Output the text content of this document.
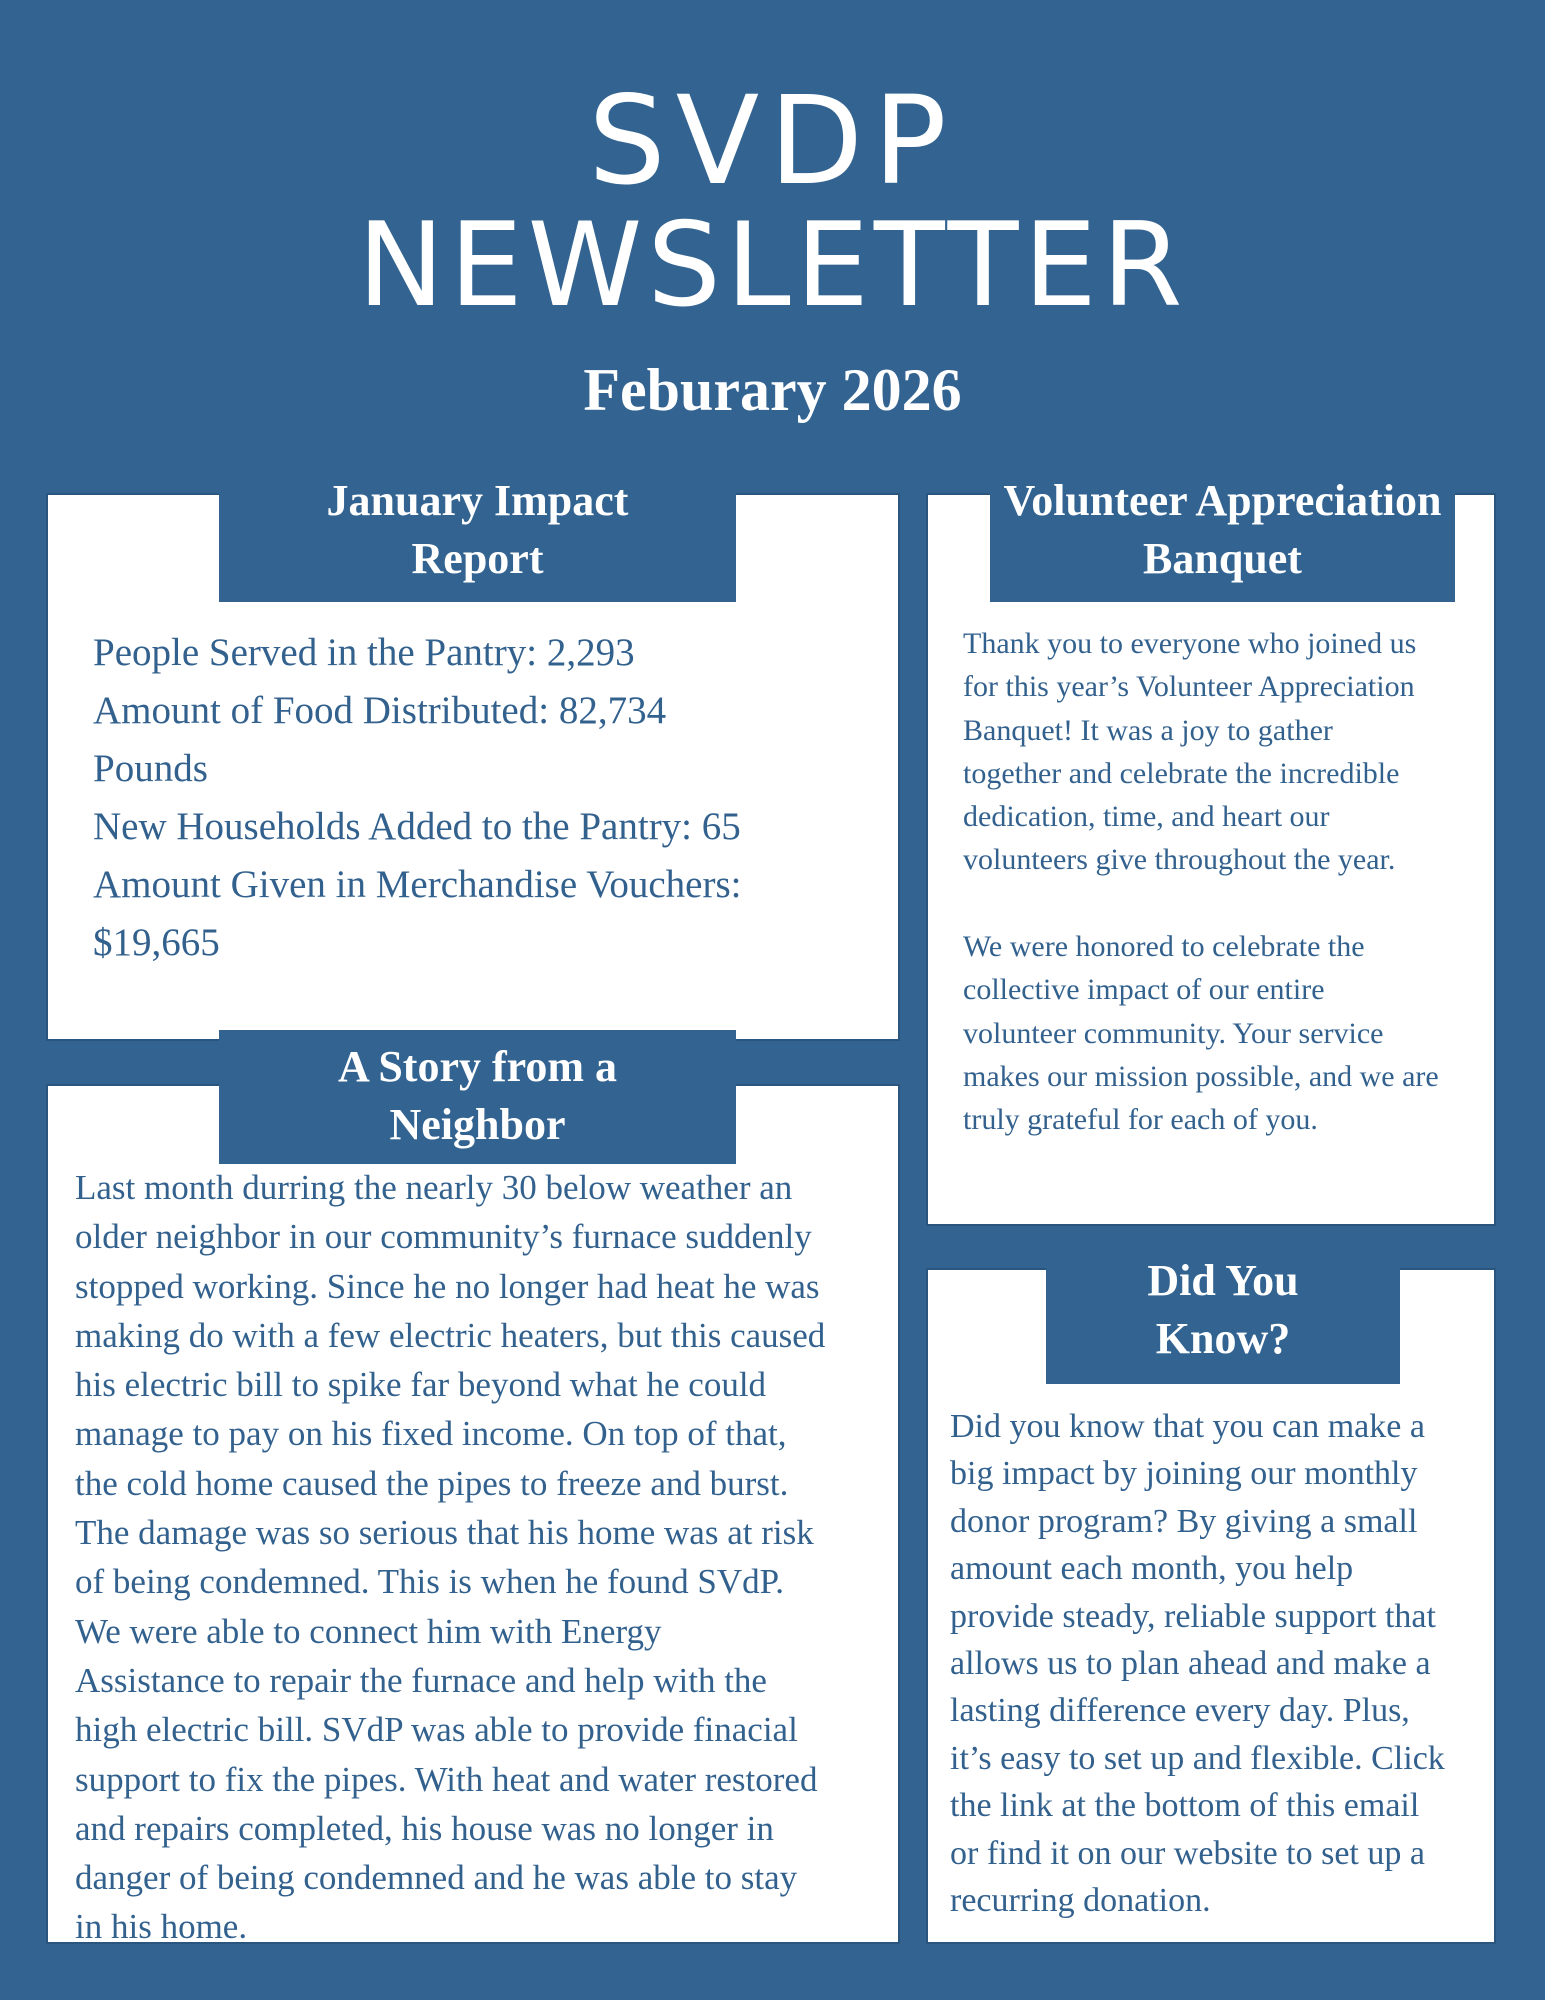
SVDP
NEWSLETTER
Feburary 2026
January Impact
Report
People Served in the Pantry: 2,293
Amount of Food Distributed: 82,734
Pounds
New Households Added to the Pantry: 65
Amount Given in Merchandise Vouchers:
$19,665
A Story from a
Neighbor
Last month durring the nearly 30 below weather an
older neighbor in our community’s furnace suddenly
stopped working. Since he no longer had heat he was
making do with a few electric heaters, but this caused
his electric bill to spike far beyond what he could
manage to pay on his fixed income. On top of that,
the cold home caused the pipes to freeze and burst.
The damage was so serious that his home was at risk
of being condemned. This is when he found SVdP.
We were able to connect him with Energy
Assistance to repair the furnace and help with the
high electric bill. SVdP was able to provide finacial
support to fix the pipes. With heat and water restored
and repairs completed, his house was no longer in
danger of being condemned and he was able to stay
in his home.
Volunteer Appreciation
Banquet
Thank you to everyone who joined us
for this year’s Volunteer Appreciation
Banquet! It was a joy to gather
together and celebrate the incredible
dedication, time, and heart our
volunteers give throughout the year.
We were honored to celebrate the
collective impact of our entire
volunteer community. Your service
makes our mission possible, and we are
truly grateful for each of you.
Did You
Know?
Did you know that you can make a
big impact by joining our monthly
donor program? By giving a small
amount each month, you help
provide steady, reliable support that
allows us to plan ahead and make a
lasting difference every day. Plus,
it’s easy to set up and flexible. Click
the link at the bottom of this email
or find it on our website to set up a
recurring donation.
